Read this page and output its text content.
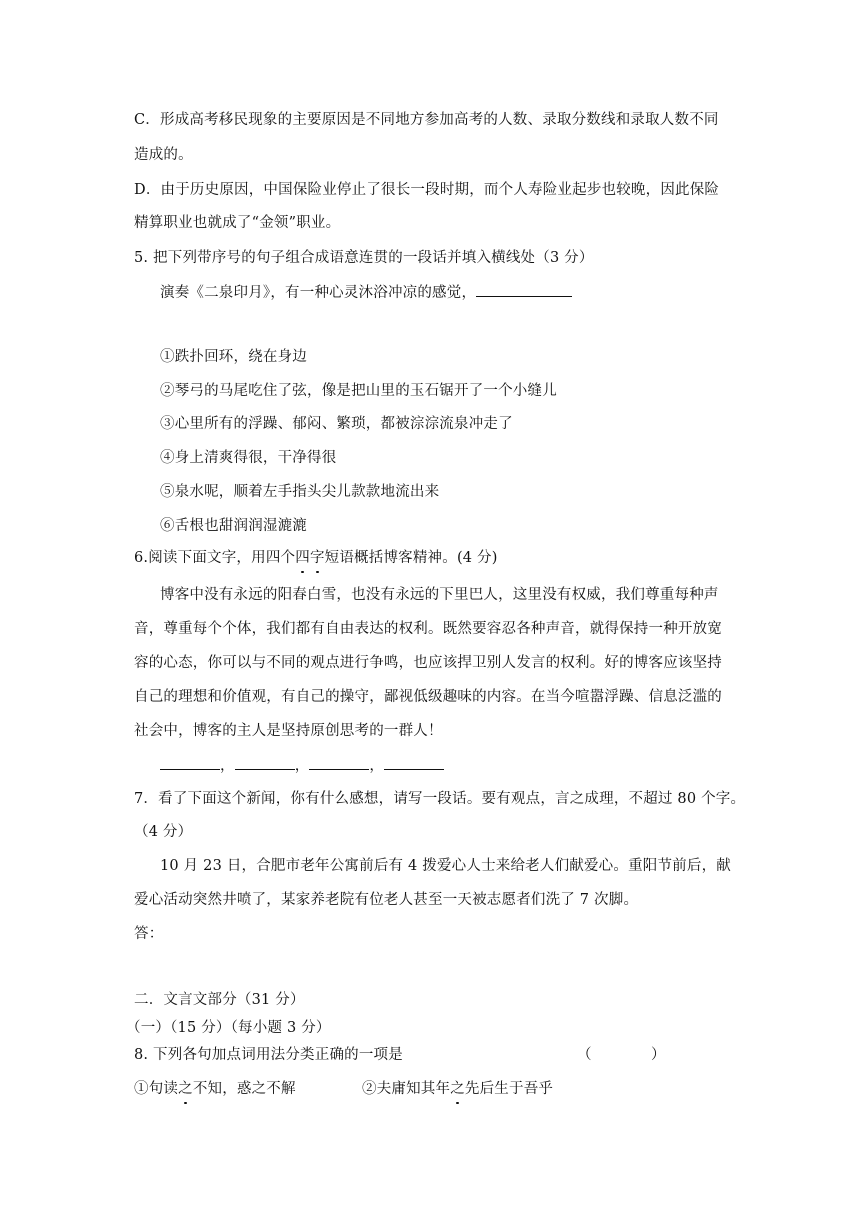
C．形成高考移民现象的主要原因是不同地方参加高考的人数、录取分数线和录取人数不同
造成的。
D．由于历史原因，中国保险业停止了很长一段时期，而个人寿险业起步也较晚，因此保险
精算职业也就成了“金领”职业。
5. 把下列带序号的句子组合成语意连贯的一段话并填入横线处（3 分）
演奏《二泉印月》，有一种心灵沐浴冲凉的感觉，
①跌扑回环，绕在身边
②琴弓的马尾吃住了弦，像是把山里的玉石锯开了一个小缝儿
③心里所有的浮躁、郁闷、繁琐，都被淙淙流泉冲走了
④身上清爽得很，干净得很
⑤泉水呢，顺着左手指头尖儿款款地流出来
⑥舌根也甜润润湿漉漉
6.阅读下面文字，用四个四字短语概括博客精神。(4 分)
博客中没有永远的阳春白雪，也没有永远的下里巴人，这里没有权威，我们尊重每种声
音，尊重每个个体，我们都有自由表达的权利。既然要容忍各种声音，就得保持一种开放宽
容的心态，你可以与不同的观点进行争鸣，也应该捍卫别人发言的权利。好的博客应该坚持
自己的理想和价值观，有自己的操守，鄙视低级趣味的内容。在当今喧嚣浮躁、信息泛滥的
社会中，博客的主人是坚持原创思考的一群人！
，	，	，
7．看了下面这个新闻，你有什么感想，请写一段话。要有观点，言之成理，不超过 80 个字。
（4 分）
10 月 23 日，合肥市老年公寓前后有 4 拨爱心人士来给老人们献爱心。重阳节前后，献
爱心活动突然井喷了，某家养老院有位老人甚至一天被志愿者们洗了 7 次脚。
答：
二．文言文部分（31 分）
（一）（15 分）（每小题 3 分）
8. 下列各句加点词用法分类正确的一项是	（	）
①句读之不知，惑之不解	②夫庸知其年之先后生于吾乎
